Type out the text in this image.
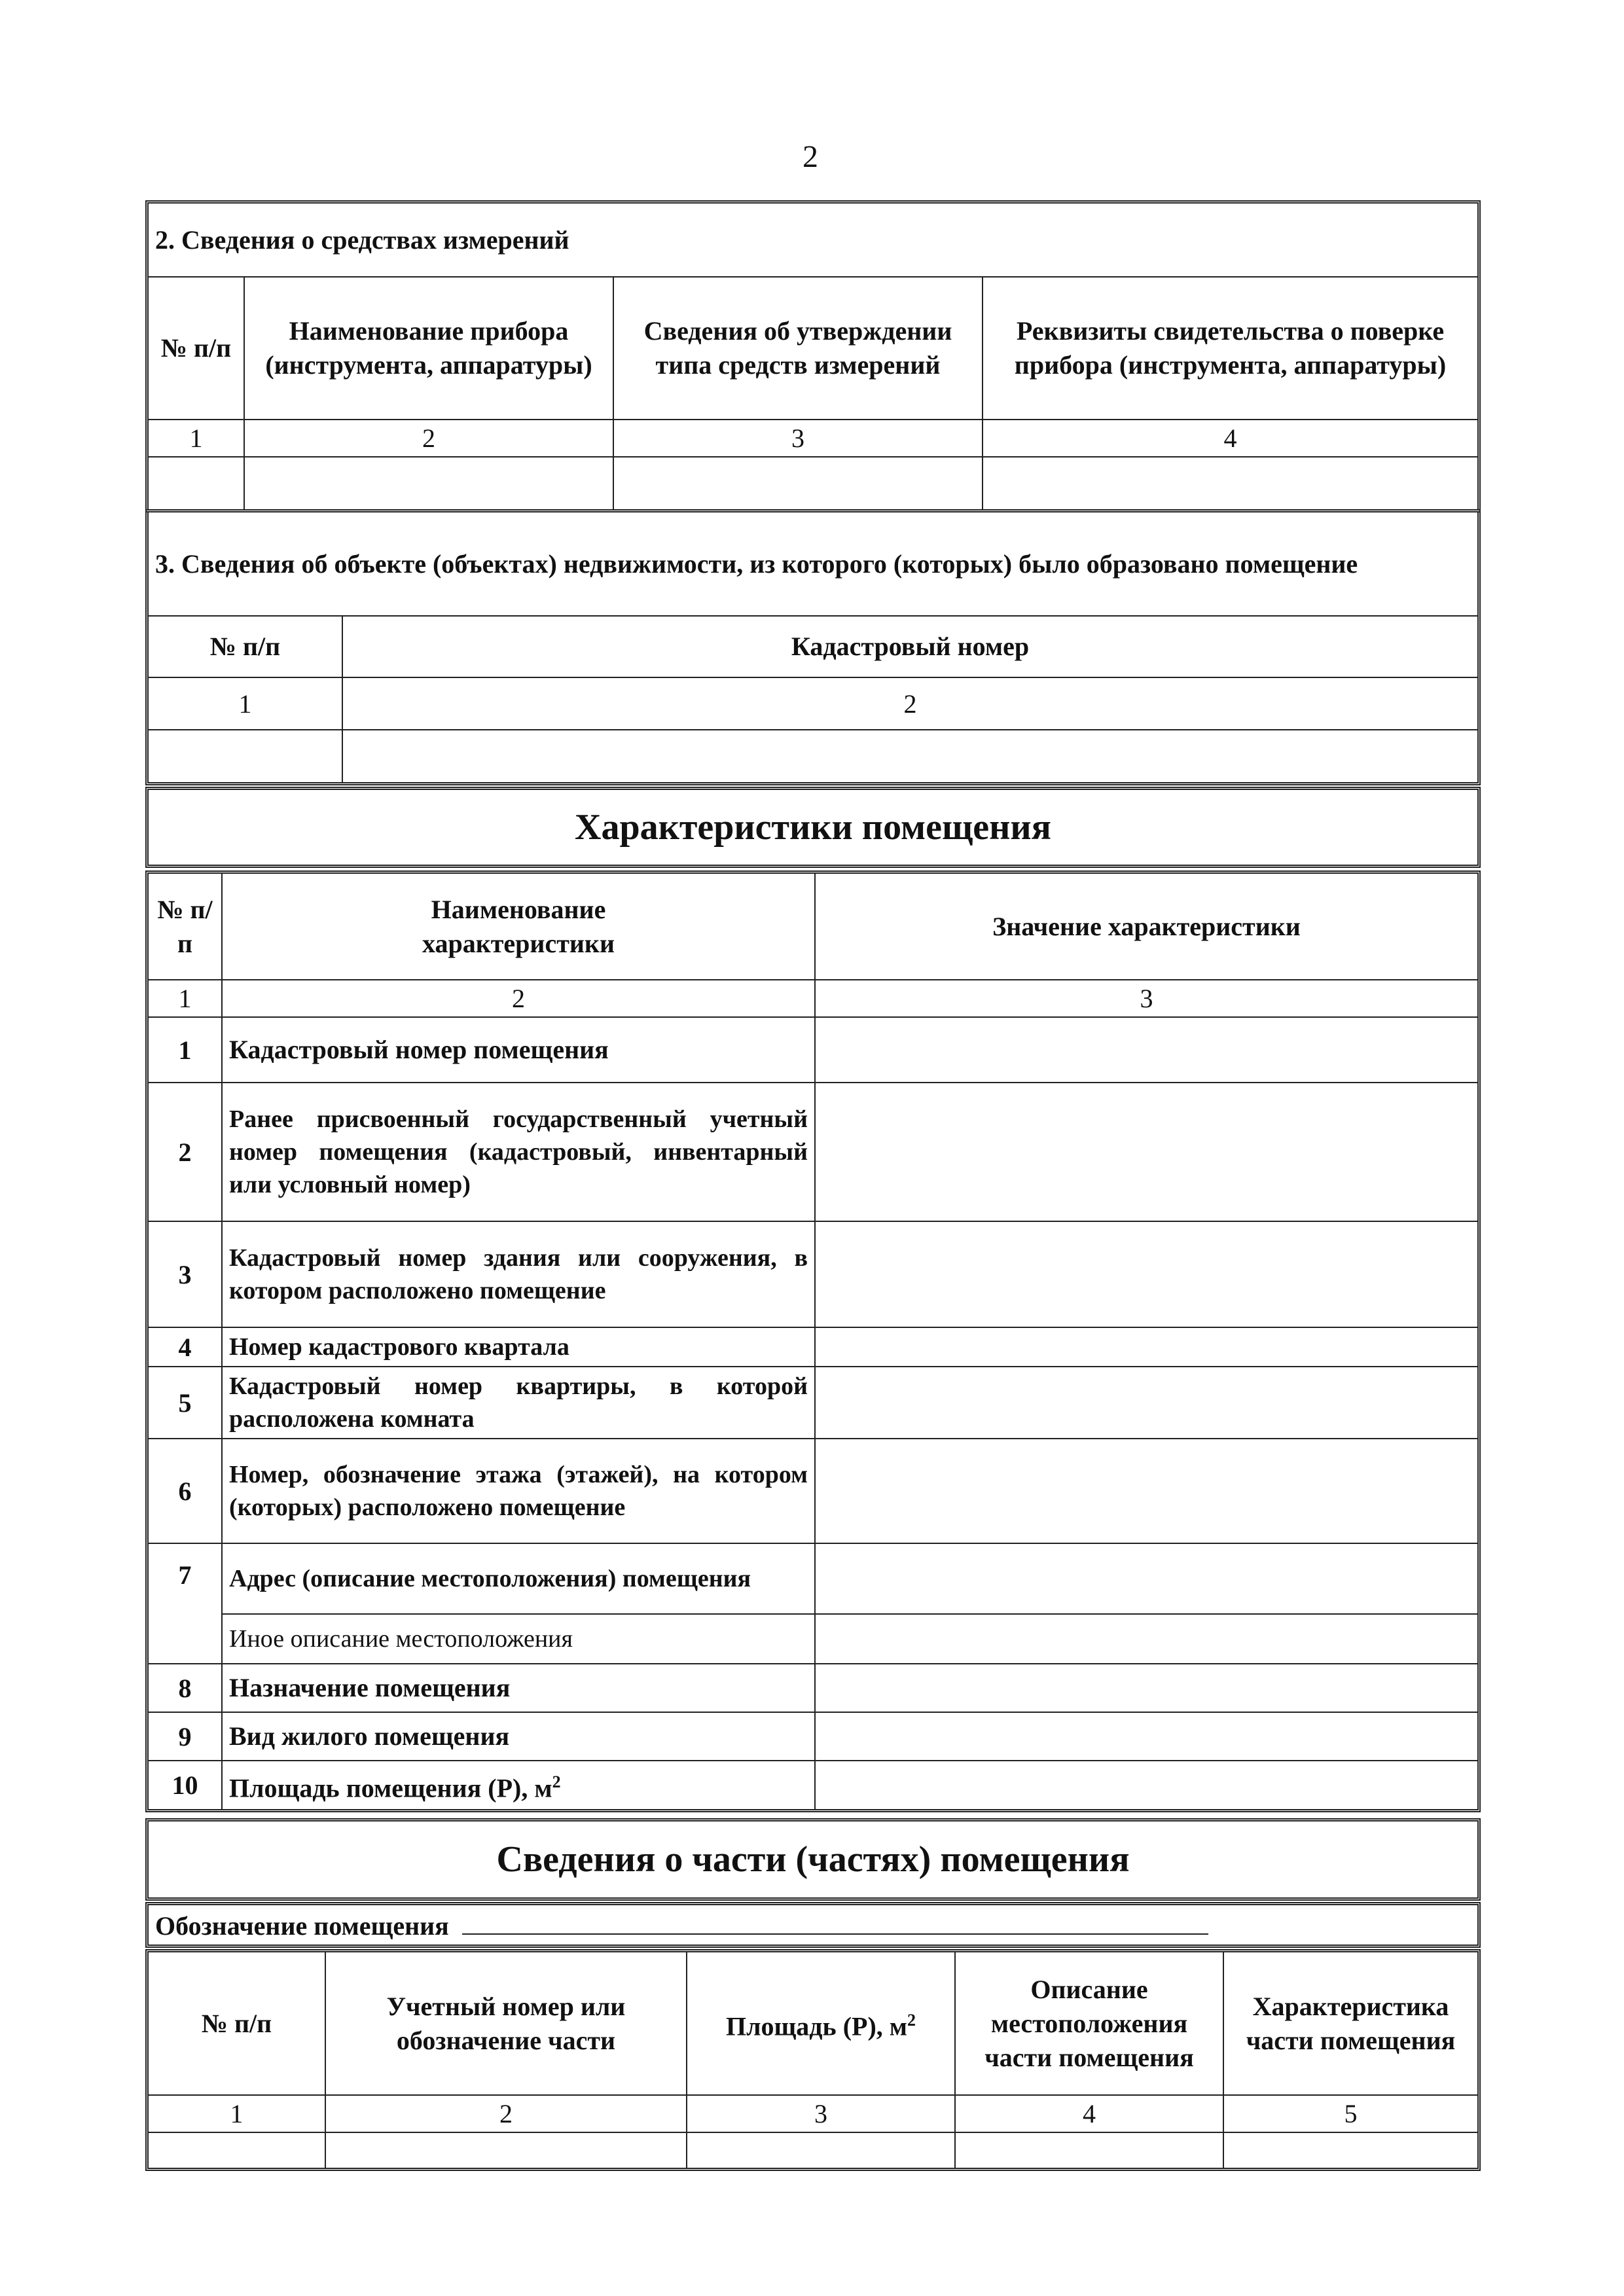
2
2. Сведения о средствах измерений			
№ п/п	Наименование прибора (инструмента, аппаратуры)	Сведения об утверждении типа средств измерений	Реквизиты свидетельства о поверке прибора (инструмента, аппаратуры)
1	2	3	4

3. Сведения об объекте (объектах) недвижимости, из которого (которых) было образовано помещение	
№ п/п	Кадастровый номер
1	2

Характеристики помещения
№ п/п	Наименование характеристики	Значение характеристики
1	2	3
1	Кадастровый номер помещения	
2	Ранее присвоенный государственный учетный номер помещения (кадастровый, инвентарный или условный номер)	
3	Кадастровый номер здания или сооружения, в котором расположено помещение	
4	Номер кадастрового квартала	
5	Кадастровый номер квартиры, в которой расположена комната	
6	Номер, обозначение этажа (этажей), на котором (которых) расположено помещение	
7	Адрес (описание местоположения) помещения	
	Иное описание местоположения	
8	Назначение помещения	
9	Вид жилого помещения	
10	Площадь помещения (Р), $м^2$	
Сведения о части (частях) помещения
Обозначение помещения
№ п/п	Учетный номер или обозначение части	Площадь (Р), $м^2$	Описание местоположения части помещения	Характеристика части помещения
1	2	3	4	5
